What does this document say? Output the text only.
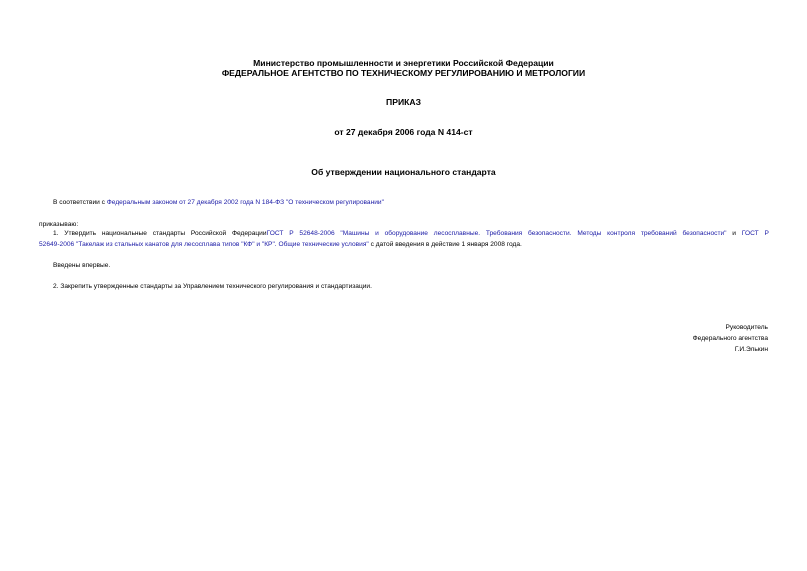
Министерство промышленности и энергетики Российской Федерации
ФЕДЕРАЛЬНОЕ АГЕНТСТВО ПО ТЕХНИЧЕСКОМУ РЕГУЛИРОВАНИЮ И МЕТРОЛОГИИ
ПРИКАЗ
от 27 декабря 2006 года N 414-ст
Об утверждении национального стандарта
В соответствии с Федеральным законом от 27 декабря 2002 года N 184-ФЗ "О техническом регулировании"
приказываю:
1. Утвердить национальные стандарты Российской ФедерацииГОСТ Р 52648-2006 "Машины и оборудование лесосплавные. Требования безопасности. Методы контроля требований безопасности" и ГОСТ Р
52649-2006 "Такелаж из стальных канатов для лесосплава типов "КФ" и "КР". Общие технические условия" с датой введения в действие 1 января 2008 года.
Введены впервые.
2. Закрепить утвержденные стандарты за Управлением технического регулирования и стандартизации.
Руководитель
Федерального агентства
Г.И.Элькин
